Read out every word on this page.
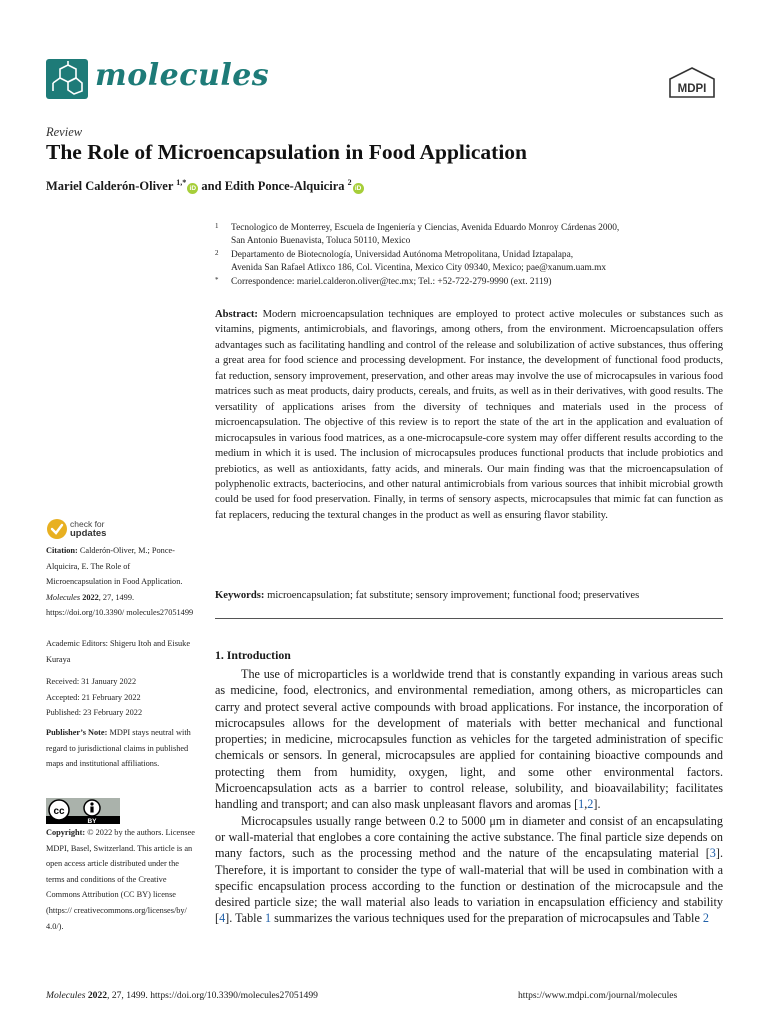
molecules	MDPI
Review
The Role of Microencapsulation in Food Application
Mariel Calderón-Oliver $^{1,*}$iD and Edith Ponce-Alquicira $^2$iD
1 Tecnologico de Monterrey, Escuela de Ingeniería y Ciencias, Avenida Eduardo Monroy Cárdenas 2000,
San Antonio Buenavista, Toluca 50110, Mexico
2 Departamento de Biotecnología, Universidad Autónoma Metropolitana, Unidad Iztapalapa,
Avenida San Rafael Atlixco 186, Col. Vicentina, Mexico City 09340, Mexico; pae@xanum.uam.mx
* Correspondence: mariel.calderon.oliver@tec.mx; Tel.: +52-722-279-9990 (ext. 2119)
Abstract: Modern microencapsulation techniques are employed to protect active molecules or substances such as vitamins, pigments, antimicrobials, and flavorings, among others, from the environment. Microencapsulation offers advantages such as facilitating handling and control of the release and solubilization of active substances, thus offering a great area for food science and processing development. For instance, the development of functional food products, fat reduction, sensory improvement, preservation, and other areas may involve the use of microcapsules in various food matrices such as meat products, dairy products, cereals, and fruits, as well as in their derivatives, with good results. The versatility of applications arises from the diversity of techniques and materials used in the process of microencapsulation. The objective of this review is to report the state of the art in the application and evaluation of microcapsules in various food matrices, as a one-microcapsule-core system may offer different results according to the medium in which it is used. The inclusion of microcapsules produces functional products that include probiotics and prebiotics, as well as antioxidants, fatty acids, and minerals. Our main finding was that the microencapsulation of polyphenolic extracts, bacteriocins, and other natural antimicrobials from various sources that inhibit microbial growth could be used for food preservation. Finally, in terms of sensory aspects, microcapsules that mimic fat can function as fat replacers, reducing the textural changes in the product as well as ensuring flavor stability.
Keywords: microencapsulation; fat substitute; sensory improvement; functional food; preservatives
1. Introduction

The use of microparticles is a worldwide trend that is constantly expanding in various areas such as medicine, food, electronics, and environmental remediation, among others, as microparticles can carry and protect several active compounds with broad applications. For instance, the incorporation of microcapsules allows for the development of materials with better mechanical and functional properties; in medicine, microcapsules function as vehicles for the targeted administration of specific chemicals or sensors. In general, microcapsules are applied for containing bioactive compounds and protecting them from humidity, oxygen, light, and some other environmental factors. Microencapsulation acts as a barrier to control release, solubility, and bioavailability; facilitates handling and transport; and can also mask unpleasant flavors and aromas [1,2].

Microcapsules usually range between 0.2 to 5000 μm in diameter and consist of an encapsulating or wall-material that englobes a core containing the active substance. The final particle size depends on many factors, such as the processing method and the nature of the encapsulating material [3]. Therefore, it is important to consider the type of wall-material that will be used in combination with a specific encapsulation process according to the function or destination of the microcapsule and the desired particle size; the wall material also leads to variation in encapsulation efficiency and stability [4]. Table 1 summarizes the various techniques used for the preparation of microcapsules and Table 2

check for
updates
Citation: Calderón-Oliver, M.; Ponce-Alquicira, E. The Role of Microencapsulation in Food Application. Molecules 2022, 27, 1499. https://doi.org/10.3390/ molecules27051499
Academic Editors: Shigeru Itoh and Eisuke Kuraya
Received: 31 January 2022
Accepted: 21 February 2022
Published: 23 February 2022
Publisher’s Note: MDPI stays neutral with regard to jurisdictional claims in published maps and institutional affiliations.
cc
BY
Copyright: © 2022 by the authors. Licensee MDPI, Basel, Switzerland. This article is an open access article distributed under the terms and conditions of the Creative Commons Attribution (CC BY) license (https:// creativecommons.org/licenses/by/ 4.0/).
Molecules 2022, 27, 1499. https://doi.org/10.3390/molecules27051499	https://www.mdpi.com/journal/molecules
